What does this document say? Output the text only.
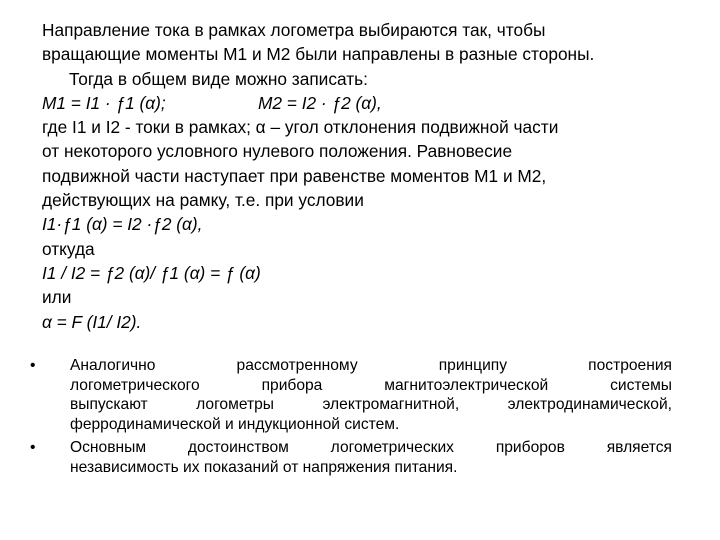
Направление тока в рамках логометра выбираются так, чтобы
вращающие моменты М1 и М2 были направлены в разные стороны.
Тогда в общем виде можно записать:
M1 = I1 · ƒ1 (α);	M2 = I2 · ƒ2 (α),
где I1 и I2 - токи в рамках; α – угол отклонения подвижной части
от некоторого условного нулевого положения. Равновесие
подвижной части наступает при равенстве моментов М1 и М2,
действующих на рамку, т.е. при условии
I1·ƒ1 (α) = I2 ·ƒ2 (α),
откуда
I1 / I2 = ƒ2 (α)/ ƒ1 (α) = ƒ (α)
или
α = F (I1/ I2).
• Аналогично рассмотренному принципу построения
логометрического прибора магнитоэлектрической системы
выпускают логометры электромагнитной, электродинамической,
ферродинамической и индукционной систем.
• Основным достоинством логометрических приборов является
независимость их показаний от напряжения питания.
